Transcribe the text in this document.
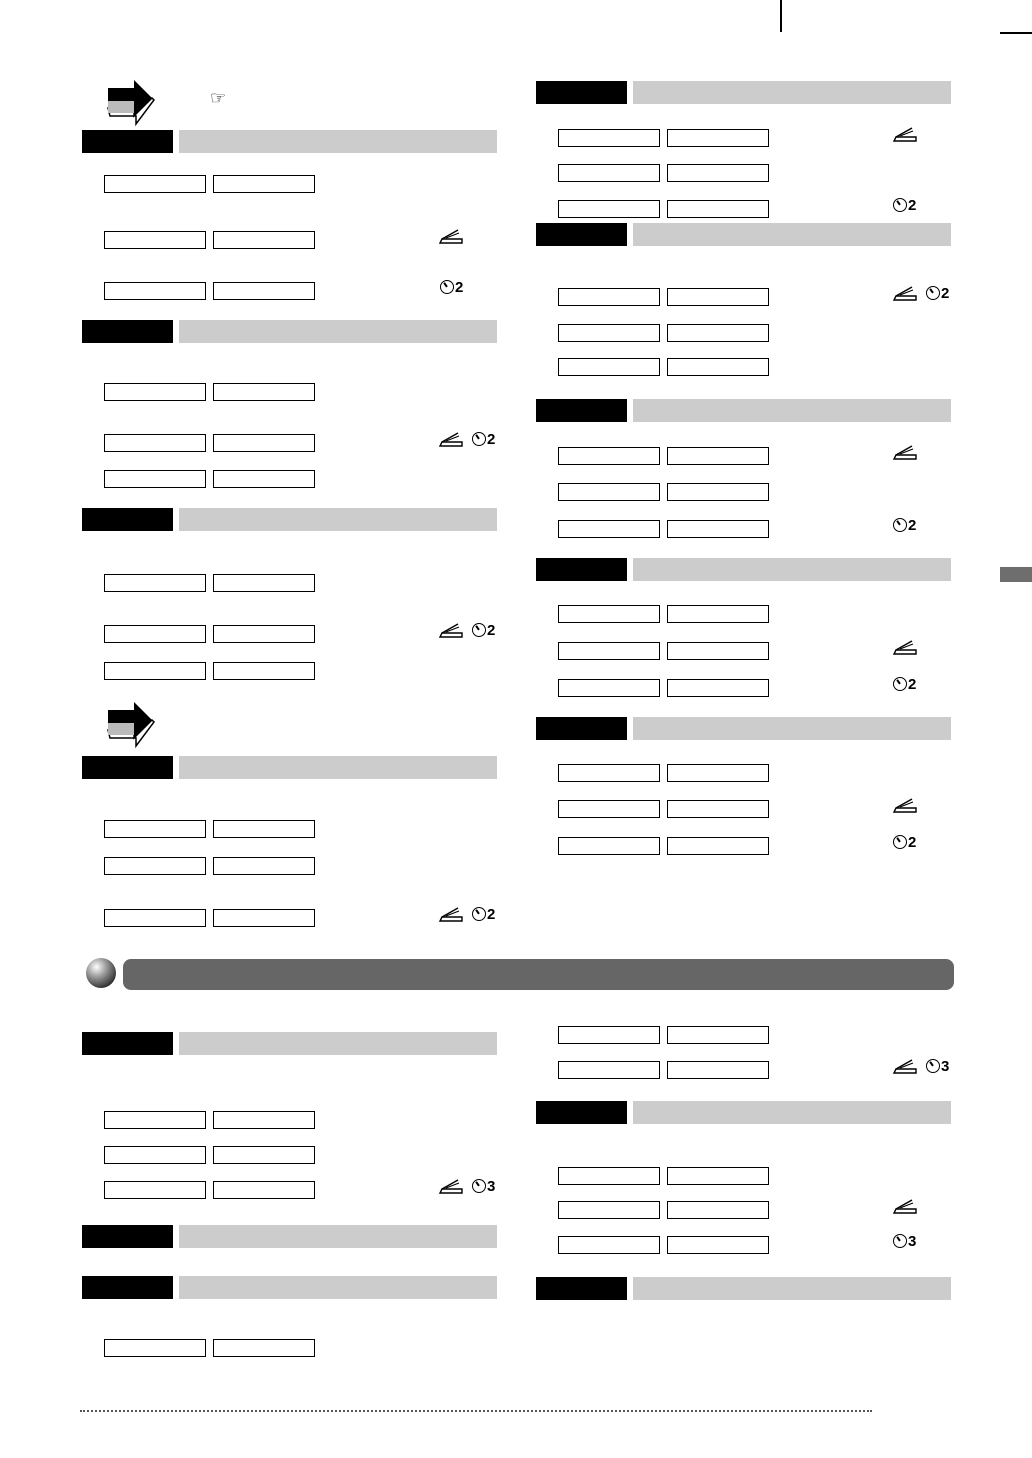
☞
2
2
2
2
3
2
2
2
2
2
3
3
